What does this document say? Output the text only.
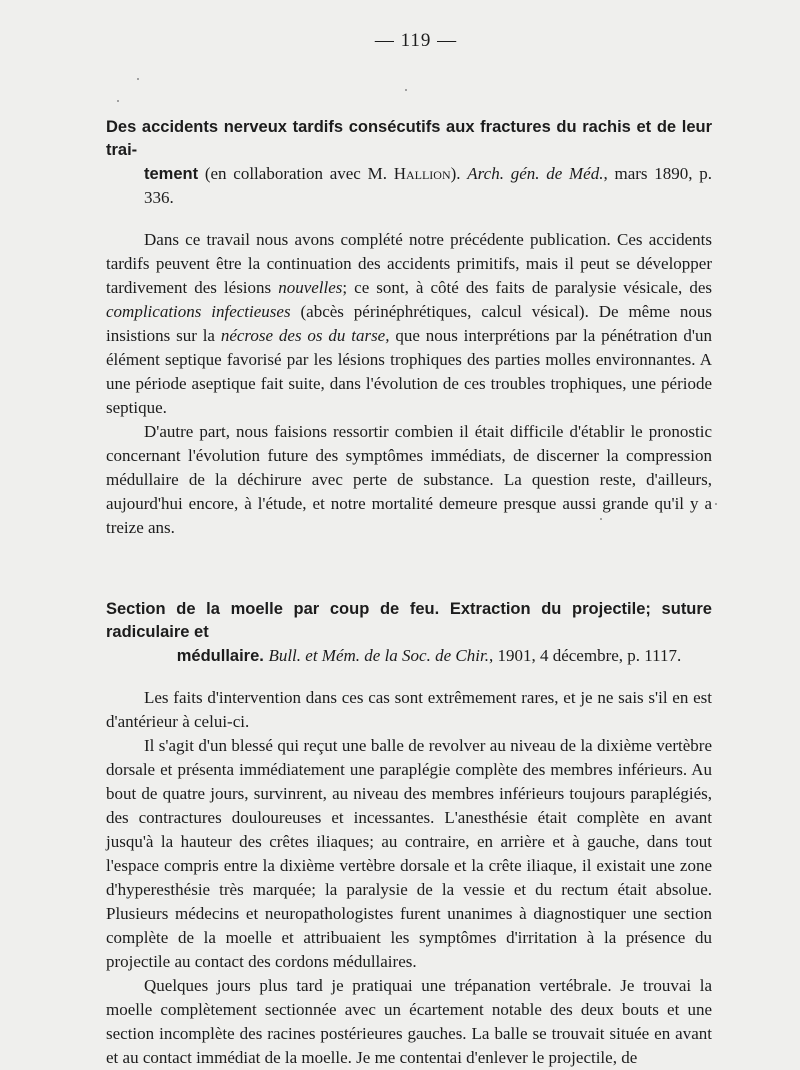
— 119 —
Des accidents nerveux tardifs consécutifs aux fractures du rachis et de leur trai-
tement (en collaboration avec M. Hallion). Arch. gén. de Méd., mars 1890, p. 336.

Dans ce travail nous avons complété notre précédente publication. Ces accidents tardifs peuvent être la continuation des accidents primitifs, mais il peut se développer tardivement des lésions nouvelles; ce sont, à côté des faits de paralysie vésicale, des complications infectieuses (abcès périnéphrétiques, calcul vésical). De même nous insistions sur la nécrose des os du tarse, que nous interprétions par la pénétration d'un élément septique favorisé par les lésions trophiques des parties molles environnantes. A une période aseptique fait suite, dans l'évolution de ces troubles trophiques, une période septique.

D'autre part, nous faisions ressortir combien il était difficile d'établir le pronostic concernant l'évolution future des symptômes immédiats, de discerner la compression médullaire de la déchirure avec perte de substance. La question reste, d'ailleurs, aujourd'hui encore, à l'étude, et notre mortalité demeure presque aussi grande qu'il y a treize ans.

Section de la moelle par coup de feu. Extraction du projectile; suture radiculaire et
médullaire. Bull. et Mém. de la Soc. de Chir., 1901, 4 décembre, p. 1117.

Les faits d'intervention dans ces cas sont extrêmement rares, et je ne sais s'il en est d'antérieur à celui-ci.

Il s'agit d'un blessé qui reçut une balle de revolver au niveau de la dixième vertèbre dorsale et présenta immédiatement une paraplégie complète des membres inférieurs. Au bout de quatre jours, survinrent, au niveau des membres inférieurs toujours paraplégiés, des contractures douloureuses et incessantes. L'anesthésie était complète en avant jusqu'à la hauteur des crêtes iliaques; au contraire, en arrière et à gauche, dans tout l'espace compris entre la dixième vertèbre dorsale et la crête iliaque, il existait une zone d'hyperesthésie très marquée; la paralysie de la vessie et du rectum était absolue. Plusieurs médecins et neuropathologistes furent unanimes à diagnostiquer une section complète de la moelle et attribuaient les symptômes d'irritation à la présence du projectile au contact des cordons médullaires.

Quelques jours plus tard je pratiquai une trépanation vertébrale. Je trouvai la moelle complètement sectionnée avec un écartement notable des deux bouts et une section incomplète des racines postérieures gauches. La balle se trouvait située en avant et au contact immédiat de la moelle. Je me contentai d'enlever le projectile, de
